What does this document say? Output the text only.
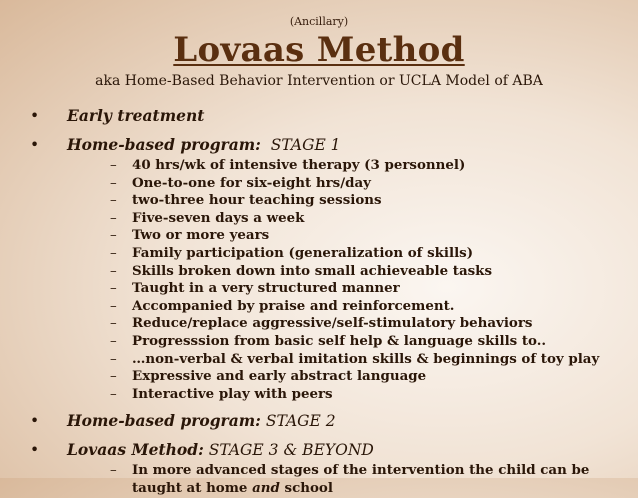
(Ancillary)
Lovaas Method
aka Home-Based Behavior Intervention or UCLA Model of ABA
• Early treatment
• Home-based program:  STAGE 1
– 40 hrs/wk of intensive therapy (3 personnel)
– One-to-one for six-eight hrs/day
– two-three hour teaching sessions
– Five-seven days a week
– Two or more years
– Family participation (generalization of skills)
– Skills broken down into small achieveable tasks
– Taught in a very structured manner
– Accompanied by praise and reinforcement.
– Reduce/replace aggressive/self-stimulatory behaviors
– Progresssion from basic self help & language skills to..
– …non-verbal & verbal imitation skills & beginnings of toy play
– Expressive and early abstract language
– Interactive play with peers
• Home-based program: STAGE 2
• Lovaas Method: STAGE 3 & BEYOND
– In more advanced stages of the intervention the child can be taught at home and school
